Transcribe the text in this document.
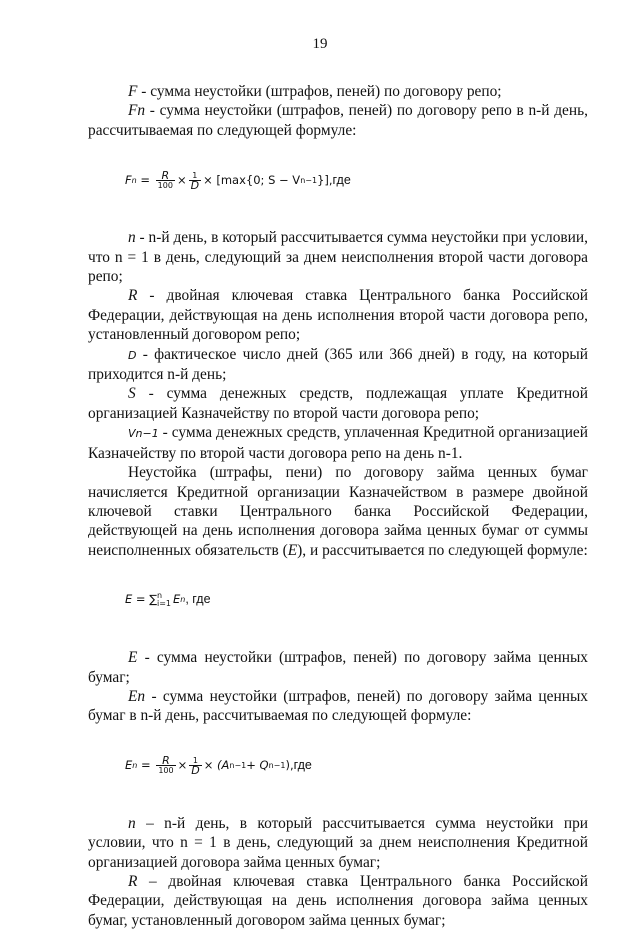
19

F - сумма неустойки (штрафов, пеней) по договору репо;

Fn - сумма неустойки (штрафов, пеней) по договору репо в n-й день, рассчитываемая по следующей формуле:

F $n = \frac{R}{100} \times \frac{1}{D} \times [\max\{0$; S − V n−1 }], где

n - n-й день, в который рассчитывается сумма неустойки при условии, что n = 1 в день, следующий за днем неисполнения второй части договора репо;

R - двойная ключевая ставка Центрального банка Российской Федерации, действующая на день исполнения второй части договора репо, установленный договором репо;

D - фактическое число дней (365 или 366 дней) в году, на который приходится n-й день;

S - сумма денежных средств, подлежащая уплате Кредитной организацией Казначейству по второй части договора репо;

Vn−1 - сумма денежных средств, уплаченная Кредитной организацией Казначейству по второй части договора репо на день n-1.

Неустойка (штрафы, пени) по договору займа ценных бумаг начисляется Кредитной организации Казначейством в размере двойной ключевой ставки Центрального банка Российской Федерации, действующей на день исполнения договора займа ценных бумаг от суммы неисполненных обязательств (E), и рассчитывается по следующей формуле:

E = ∑ n
i=1 E n , где

E - сумма неустойки (штрафов, пеней) по договору займа ценных бумаг;

En - сумма неустойки (штрафов, пеней) по договору займа ценных бумаг в n-й день, рассчитываемая по следующей формуле:

E $n = \frac{R}{100} \times \frac{1}{D} \times (A$ n−1 + Q n−1 ), где

n – n-й день, в который рассчитывается сумма неустойки при условии, что n = 1 в день, следующий за днем неисполнения Кредитной организацией договора займа ценных бумаг;

R – двойная ключевая ставка Центрального банка Российской Федерации, действующая на день исполнения договора займа ценных бумаг, установленный договором займа ценных бумаг;
